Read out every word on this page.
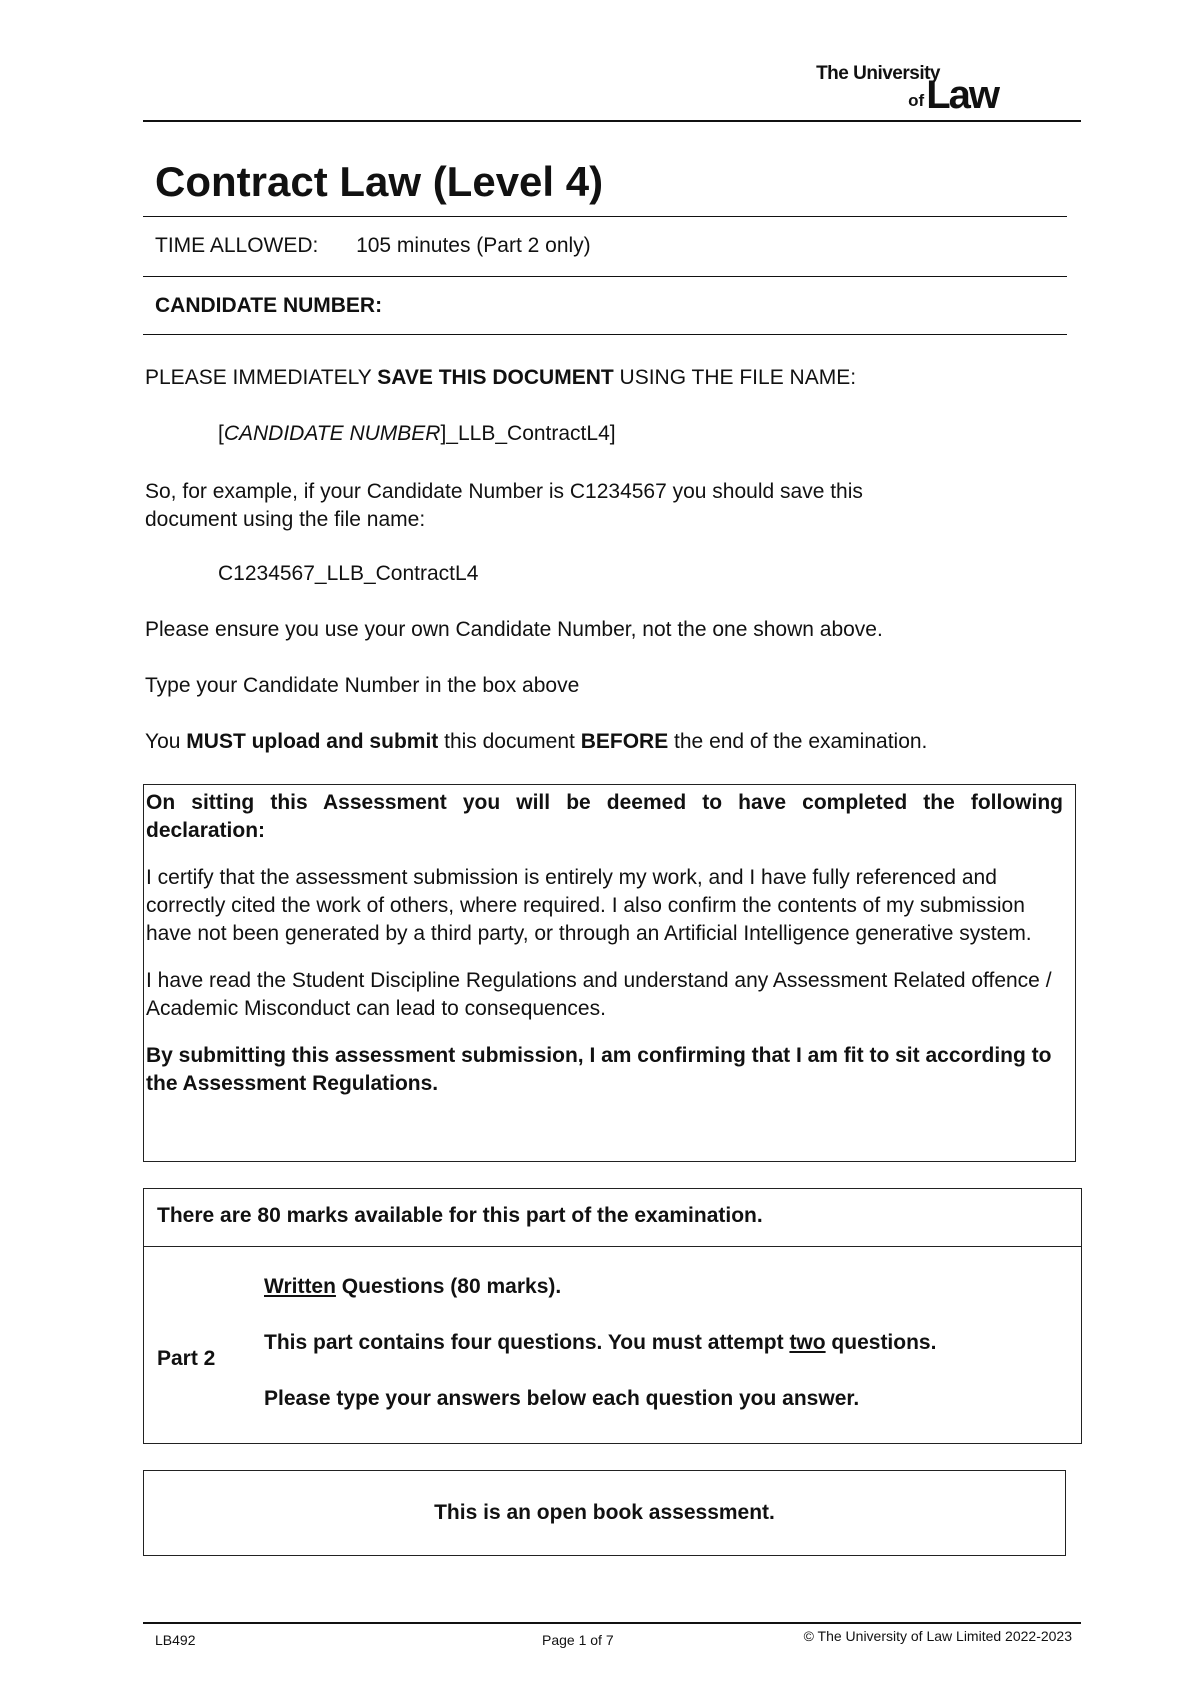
The University
of Law
Contract Law (Level 4)
TIME ALLOWED: 105 minutes (Part 2 only)
CANDIDATE NUMBER:
PLEASE IMMEDIATELY SAVE THIS DOCUMENT USING THE FILE NAME:
[CANDIDATE NUMBER]_LLB_ContractL4]
So, for example, if your Candidate Number is C1234567 you should save this
document using the file name:
C1234567_LLB_ContractL4
Please ensure you use your own Candidate Number, not the one shown above.
Type your Candidate Number in the box above
You MUST upload and submit this document BEFORE the end of the examination.

On sitting this Assessment you will be deemed to have completed the following declaration:

I certify that the assessment submission is entirely my work, and I have fully referenced and correctly cited the work of others, where required. I also confirm the contents of my submission have not been generated by a third party, or through an Artificial Intelligence generative system.

I have read the Student Discipline Regulations and understand any Assessment Related offence / Academic Misconduct can lead to consequences.

By submitting this assessment submission, I am confirming that I am fit to sit according to the Assessment Regulations.

There are 80 marks available for this part of the examination.
Part 2
Written Questions (80 marks).
This part contains four questions. You must attempt two questions.
Please type your answers below each question you answer.
This is an open book assessment.
LB492	Page 1 of 7	© The University of Law Limited 2022-2023
